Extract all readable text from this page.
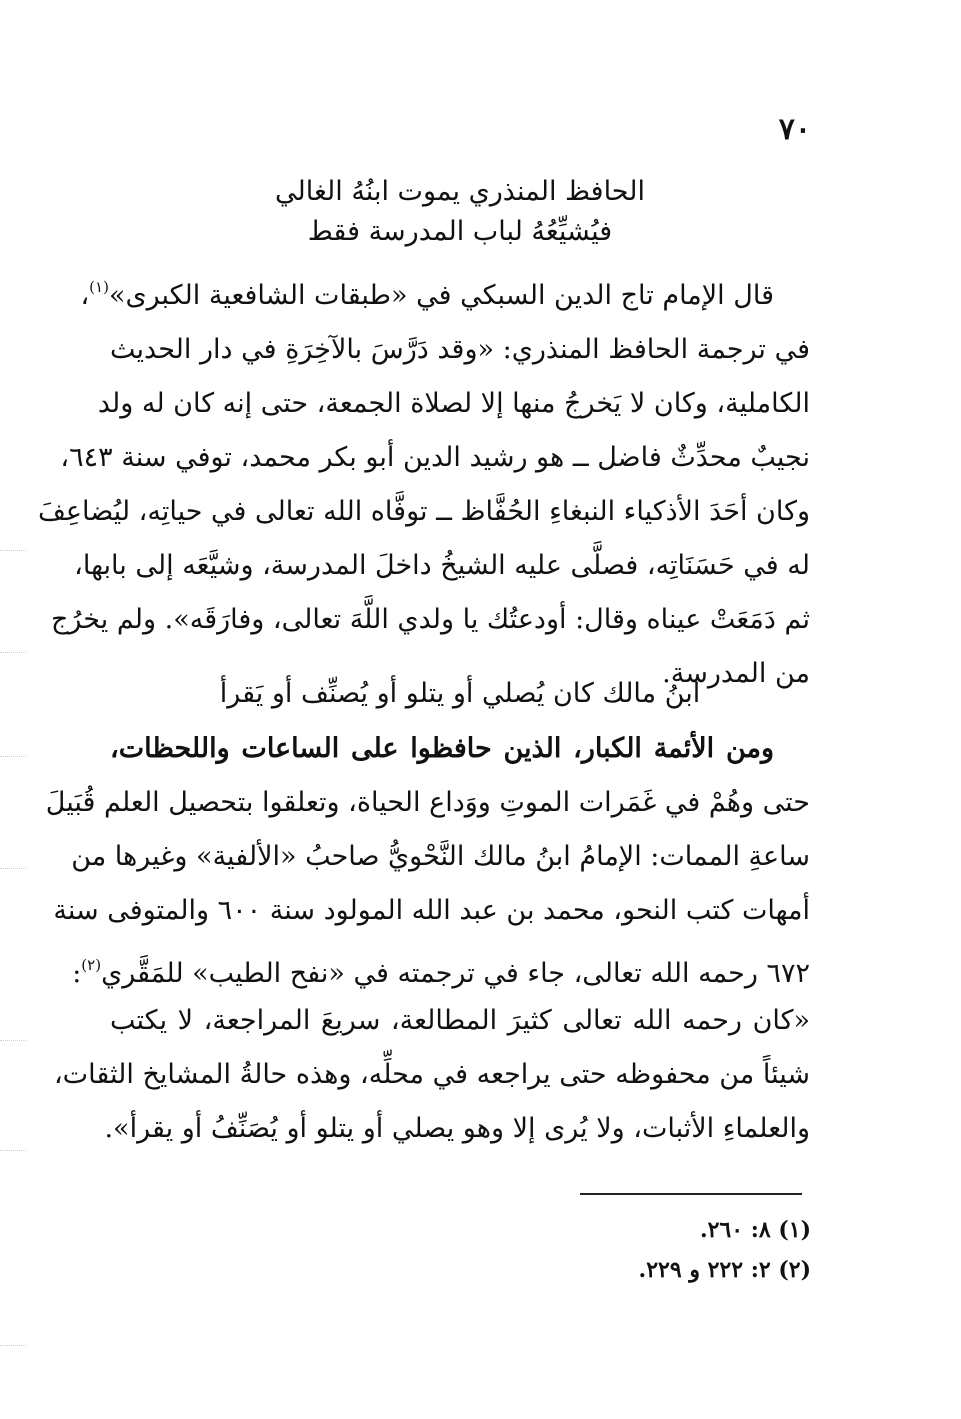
٧٠
الحافظ المنذري يموت ابنُهُ الغالي
فيُشيِّعُهُ لباب المدرسة فقط
قال الإمام تاج الدين السبكي في «طبقات الشافعية الكبرى»$^{(١)}$،
في ترجمة الحافظ المنذري: «وقد دَرَّسَ بالآخِرَةِ في دار الحديث
الكاملية، وكان لا يَخرجُ منها إلا لصلاة الجمعة، حتى إنه كان له ولد
نجيبٌ محدِّثٌ فاضل ــ هو رشيد الدين أبو بكر محمد، توفي سنة ٦٤٣،
وكان أحَدَ الأذكياء النبغاءِ الحُفَّاظ ــ توفَّاه الله تعالى في حياتِه، ليُضاعِفَ
له في حَسَنَاتِه، فصلَّى عليه الشيخُ داخلَ المدرسة، وشيَّعَه إلى بابها،
ثم دَمَعَتْ عيناه وقال: أودعتُك يا ولدي اللَّهَ تعالى، وفارَقَه». ولم يخرُج
من المدرسة.
ابنُ مالك كان يُصلي أو يتلو أو يُصنِّف أو يَقرأ
ومن الأئمة الكبار، الذين حافظوا على الساعات واللحظات،
حتى وهُمْ في غَمَرات الموتِ ووَداع الحياة، وتعلقوا بتحصيل العلم قُبَيلَ
ساعةِ الممات: الإمامُ ابنُ مالك النَّحْويُّ صاحبُ «الألفية» وغيرها من
أمهات كتب النحو، محمد بن عبد الله المولود سنة ٦٠٠ والمتوفى سنة
٦٧٢ رحمه الله تعالى، جاء في ترجمته في «نفح الطيب» للمَقَّري$^{(٢)}$:
«كان رحمه الله تعالى كثيرَ المطالعة، سريعَ المراجعة، لا يكتب
شيئاً من محفوظه حتى يراجعه في محلِّه، وهذه حالةُ المشايخ الثقات،
والعلماءِ الأثبات، ولا يُرى إلا وهو يصلي أو يتلو أو يُصَنِّفُ أو يقرأ».
(١) ٨: ٢٦٠.
(٢) ٢: ٢٢٢ و ٢٢٩.
